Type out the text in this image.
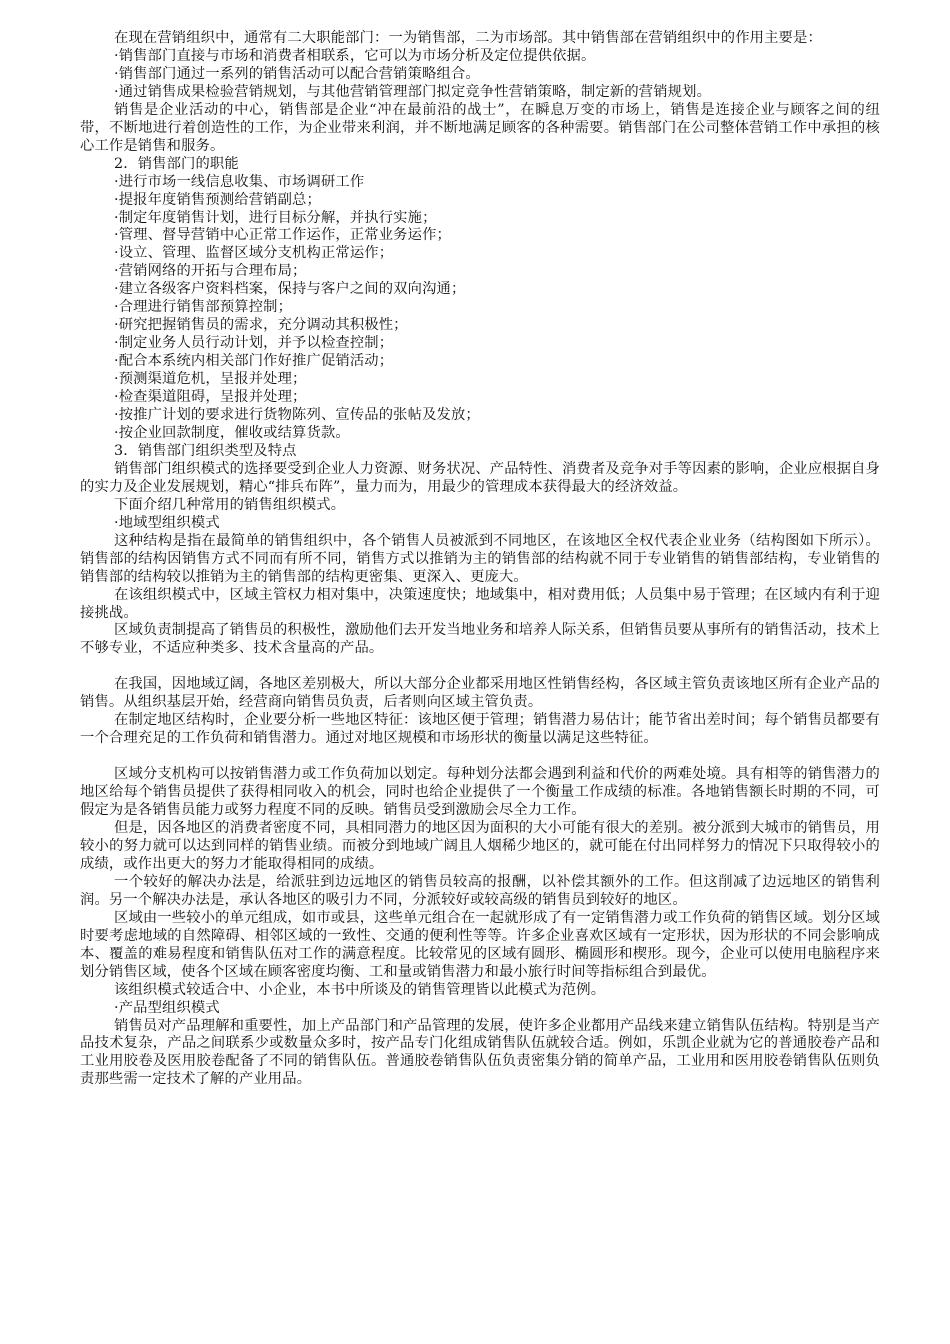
在现在营销组织中，通常有二大职能部门：一为销售部，二为市场部。其中销售部在营销组织中的作用主要是：
·销售部门直接与市场和消费者相联系，它可以为市场分析及定位提供依据。
·销售部门通过一系列的销售活动可以配合营销策略组合。
·通过销售成果检验营销规划，与其他营销管理部门拟定竞争性营销策略，制定新的营销规划。
销售是企业活动的中心，销售部是企业“冲在最前沿的战士”，在瞬息万变的市场上，销售是连接企业与顾客之间的纽带，不断地进行着创造性的工作，为企业带来利润，并不断地满足顾客的各种需要。销售部门在公司整体营销工作中承担的核心工作是销售和服务。
2．销售部门的职能
·进行市场一线信息收集、市场调研工作
·提报年度销售预测给营销副总；
·制定年度销售计划，进行目标分解，并执行实施；
·管理、督导营销中心正常工作运作，正常业务运作；
·设立、管理、监督区域分支机构正常运作；
·营销网络的开拓与合理布局；
·建立各级客户资料档案，保持与客户之间的双向沟通；
·合理进行销售部预算控制；
·研究把握销售员的需求，充分调动其积极性；
·制定业务人员行动计划，并予以检查控制；
·配合本系统内相关部门作好推广促销活动；
·预测渠道危机，呈报并处理；
·检查渠道阻碍，呈报并处理；
·按推广计划的要求进行货物陈列、宣传品的张帖及发放；
·按企业回款制度，催收或结算货款。
3．销售部门组织类型及特点
销售部门组织模式的选择要受到企业人力资源、财务状况、产品特性、消费者及竞争对手等因素的影响，企业应根据自身的实力及企业发展规划，精心“排兵布阵”，量力而为，用最少的管理成本获得最大的经济效益。
下面介绍几种常用的销售组织模式。
·地域型组织模式
这种结构是指在最简单的销售组织中，各个销售人员被派到不同地区，在该地区全权代表企业业务（结构图如下所示）。销售部的结构因销售方式不同而有所不同，销售方式以推销为主的销售部的结构就不同于专业销售的销售部结构，专业销售的销售部的结构较以推销为主的销售部的结构更密集、更深入、更庞大。
在该组织模式中，区域主管权力相对集中，决策速度快；地域集中，相对费用低；人员集中易于管理；在区域内有利于迎接挑战。
区域负责制提高了销售员的积极性，激励他们去开发当地业务和培养人际关系，但销售员要从事所有的销售活动，技术上不够专业，不适应种类多、技术含量高的产品。
在我国，因地域辽阔，各地区差别极大，所以大部分企业都采用地区性销售经构，各区域主管负责该地区所有企业产品的销售。从组织基层开始，经营商向销售员负责，后者则向区域主管负责。
在制定地区结构时，企业要分析一些地区特征：该地区便于管理；销售潜力易估计；能节省出差时间；每个销售员都要有一个合理充足的工作负荷和销售潜力。通过对地区规模和市场形状的衡量以满足这些特征。
区域分支机构可以按销售潜力或工作负荷加以划定。每种划分法都会遇到利益和代价的两难处境。具有相等的销售潜力的地区给每个销售员提供了获得相同收入的机会，同时也给企业提供了一个衡量工作成绩的标准。各地销售额长时期的不同，可假定为是各销售员能力或努力程度不同的反映。销售员受到激励会尽全力工作。
但是，因各地区的消费者密度不同，具相同潜力的地区因为面积的大小可能有很大的差别。被分派到大城市的销售员，用较小的努力就可以达到同样的销售业绩。而被分到地域广阔且人烟稀少地区的，就可能在付出同样努力的情况下只取得较小的成绩，或作出更大的努力才能取得相同的成绩。
一个较好的解决办法是，给派驻到边远地区的销售员较高的报酬，以补偿其额外的工作。但这削减了边远地区的销售利润。另一个解决办法是，承认各地区的吸引力不同，分派较好或较高级的销售员到较好的地区。
区域由一些较小的单元组成，如市或县，这些单元组合在一起就形成了有一定销售潜力或工作负荷的销售区域。划分区域时要考虑地域的自然障碍、相邻区域的一致性、交通的便利性等等。许多企业喜欢区域有一定形状，因为形状的不同会影响成本、覆盖的难易程度和销售队伍对工作的满意程度。比较常见的区域有圆形、椭圆形和楔形。现今，企业可以使用电脑程序来划分销售区域，使各个区域在顾客密度均衡、工和量或销售潜力和最小旅行时间等指标组合到最优。
该组织模式较适合中、小企业，本书中所谈及的销售管理皆以此模式为范例。
·产品型组织模式
销售员对产品理解和重要性，加上产品部门和产品管理的发展，使许多企业都用产品线来建立销售队伍结构。特别是当产品技术复杂，产品之间联系少或数量众多时，按产品专门化组成销售队伍就较合适。例如，乐凯企业就为它的普通胶卷产品和工业用胶卷及医用胶卷配备了不同的销售队伍。普通胶卷销售队伍负责密集分销的简单产品，工业用和医用胶卷销售队伍则负责那些需一定技术了解的产业用品。
